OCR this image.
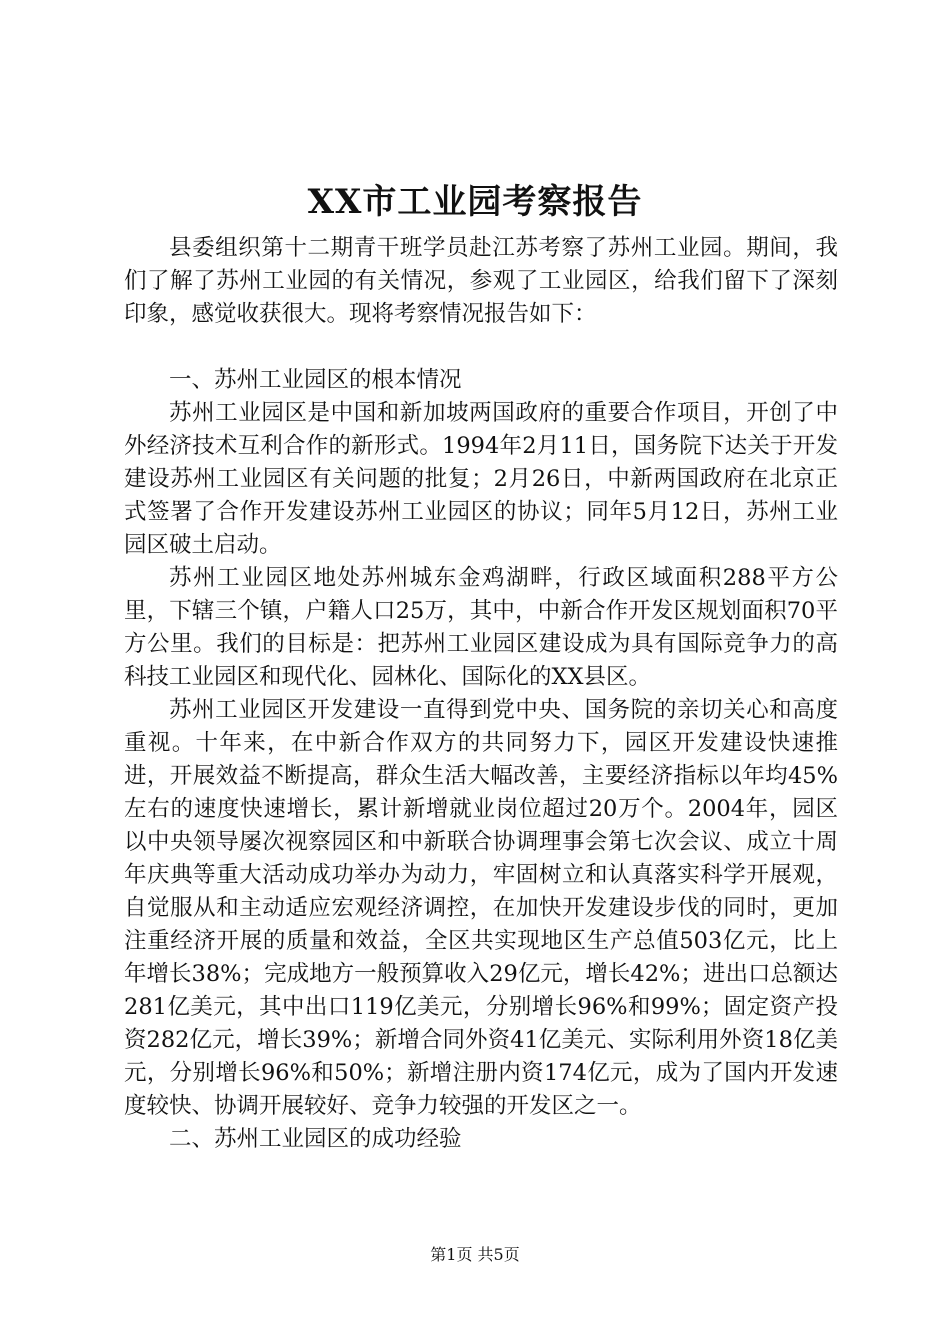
XX市工业园考察报告

县委组织第十二期青干班学员赴江苏考察了苏州工业园。期间，我们了解了苏州工业园的有关情况，参观了工业园区，给我们留下了深刻印象，感觉收获很大。现将考察情况报告如下：

一、苏州工业园区的根本情况

苏州工业园区是中国和新加坡两国政府的重要合作项目，开创了中外经济技术互利合作的新形式。1994年2月11日，国务院下达关于开发建设苏州工业园区有关问题的批复；2月26日，中新两国政府在北京正式签署了合作开发建设苏州工业园区的协议；同年5月12日，苏州工业园区破土启动。

苏州工业园区地处苏州城东金鸡湖畔，行政区域面积288平方公里，下辖三个镇，户籍人口25万，其中，中新合作开发区规划面积70平方公里。我们的目标是：把苏州工业园区建设成为具有国际竞争力的高科技工业园区和现代化、园林化、国际化的XX县区。

苏州工业园区开发建设一直得到党中央、国务院的亲切关心和高度重视。十年来，在中新合作双方的共同努力下，园区开发建设快速推进，开展效益不断提高，群众生活大幅改善，主要经济指标以年均45%左右的速度快速增长，累计新增就业岗位超过20万个。2004年，园区以中央领导屡次视察园区和中新联合协调理事会第七次会议、成立十周年庆典等重大活动成功举办为动力，牢固树立和认真落实科学开展观，自觉服从和主动适应宏观经济调控，在加快开发建设步伐的同时，更加注重经济开展的质量和效益，全区共实现地区生产总值503亿元，比上年增长38%；完成地方一般预算收入29亿元，增长42%；进出口总额达281亿美元，其中出口119亿美元，分别增长96%和99%；固定资产投资282亿元，增长39%；新增合同外资41亿美元、实际利用外资18亿美元，分别增长96%和50%；新增注册内资174亿元，成为了国内开发速度较快、协调开展较好、竞争力较强的开发区之一。

二、苏州工业园区的成功经验

第1页 共5页
